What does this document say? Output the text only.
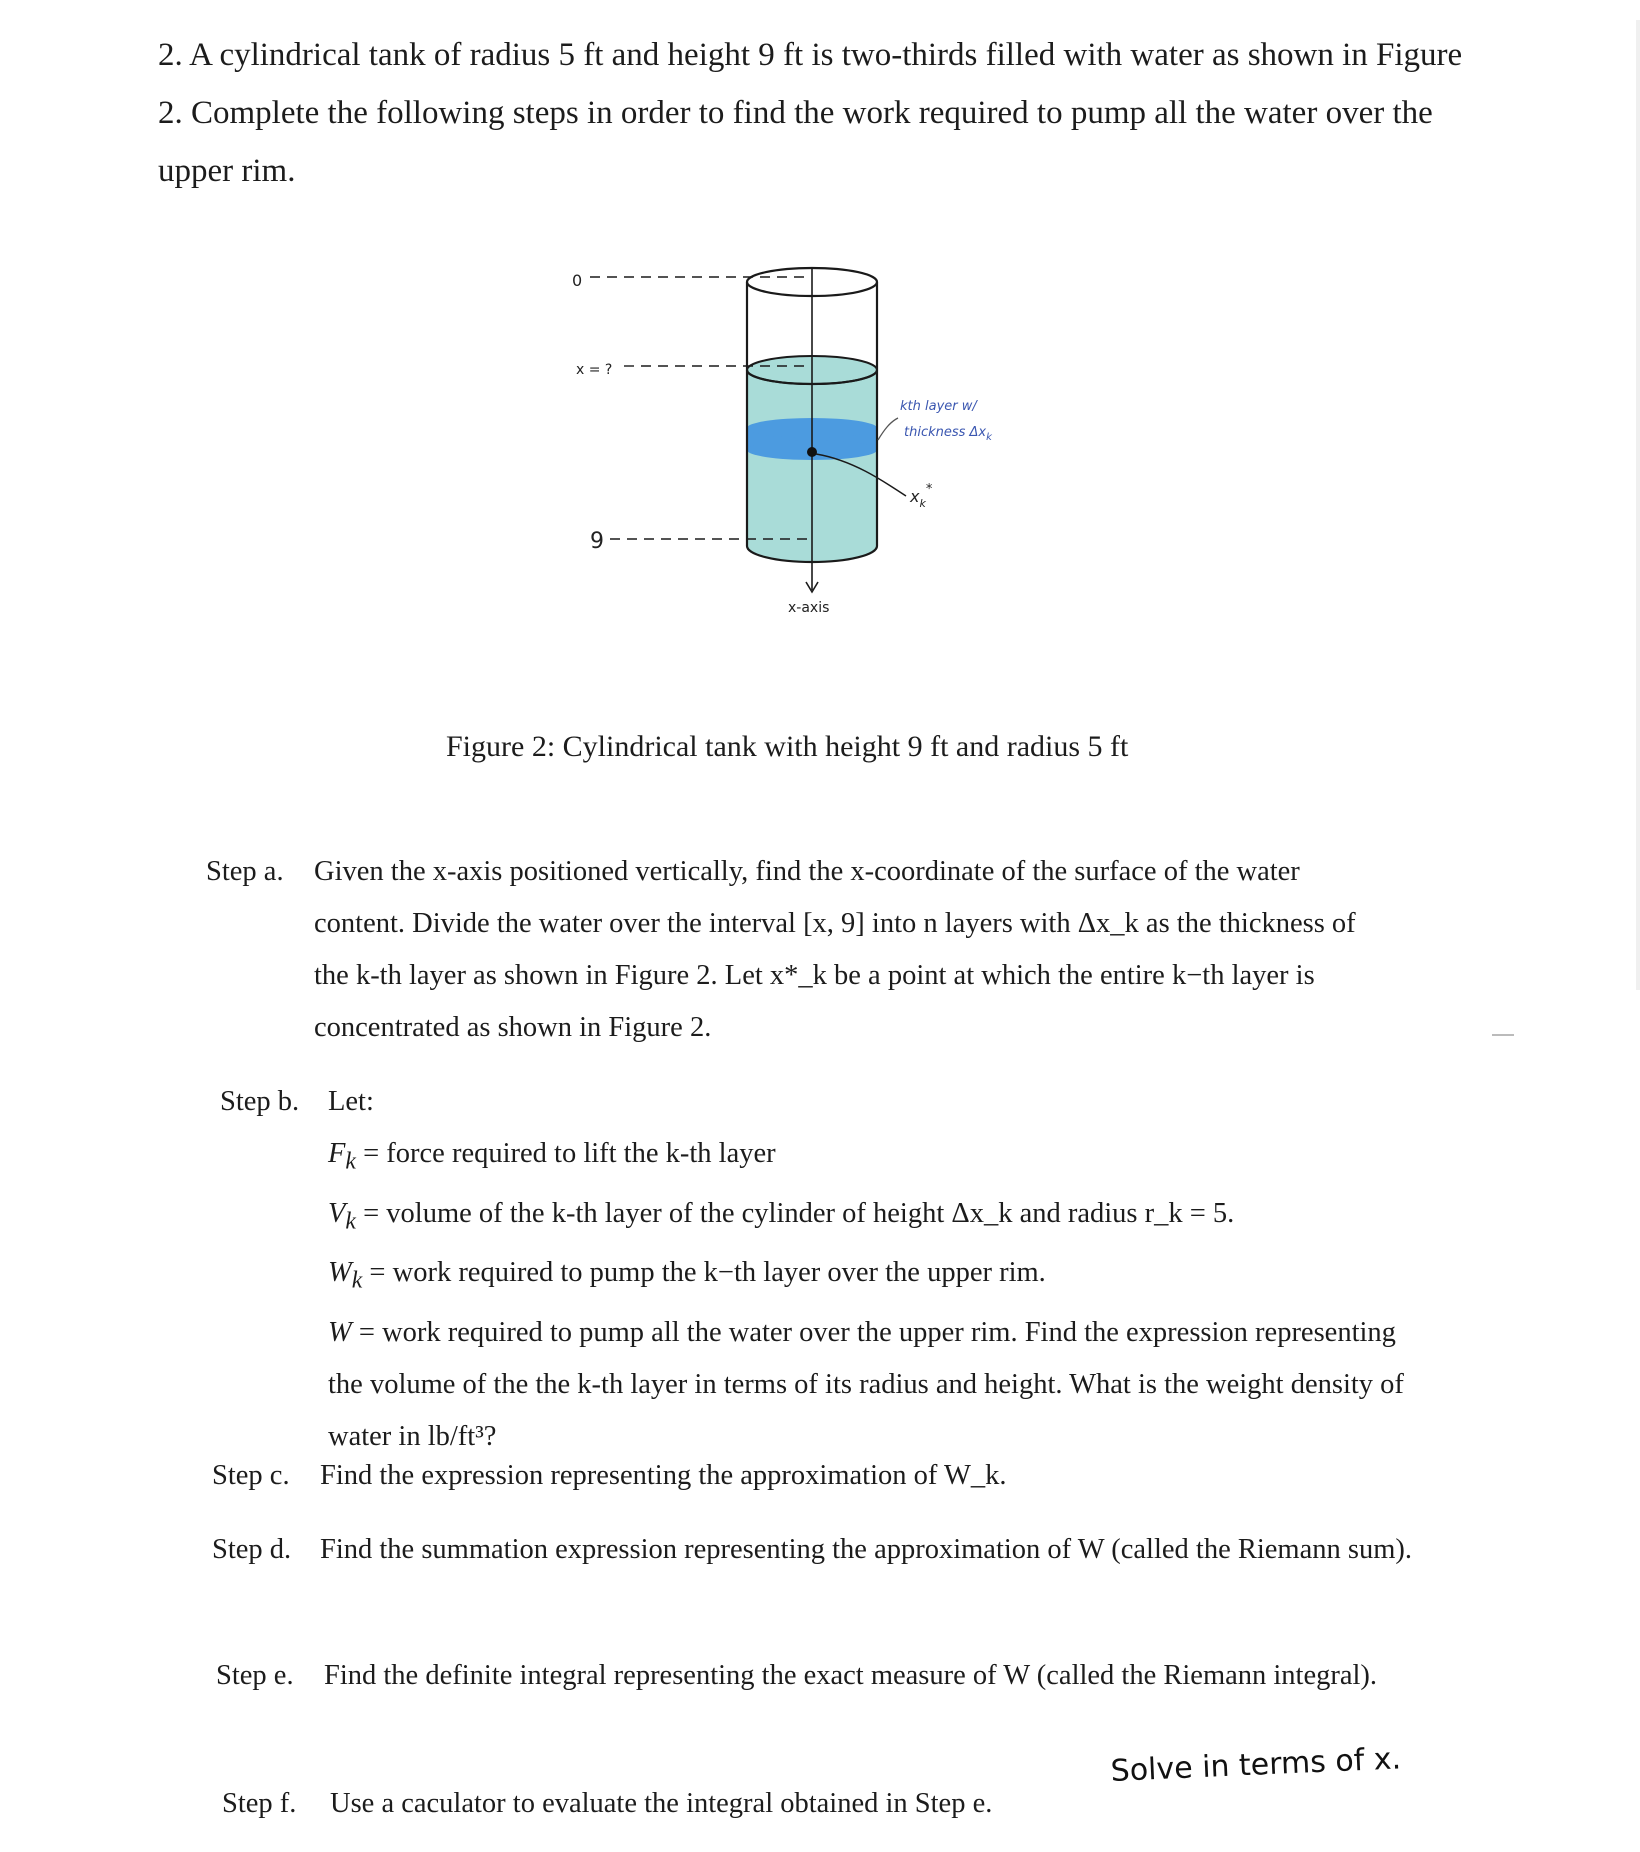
2. A cylindrical tank of radius 5 ft and height 9 ft is two-thirds filled with water as shown in Figure 2. Complete the following steps in order to find the work required to pump all the water over the upper rim.

0
x = ?
9
x-axis
kth layer w/
thickness $\Delta x_k$
$x_k^*$

Figure 2: Cylindrical tank with height 9 ft and radius 5 ft

Step a. Given the x-axis positioned vertically, find the x-coordinate of the surface of the water content. Divide the water over the interval [x, 9] into n layers with Δx_k as the thickness of the k-th layer as shown in Figure 2. Let x*_k be a point at which the entire k−th layer is concentrated as shown in Figure 2.
Step b. Let:
$F_k$ = force required to lift the k-th layer
$V_k$ = volume of the k-th layer of the cylinder of height Δx_k and radius r_k = 5.
$W_k$ = work required to pump the k−th layer over the upper rim.
W = work required to pump all the water over the upper rim. Find the expression representing the volume of the the k-th layer in terms of its radius and height. What is the weight density of water in lb/ft³?
Step c. Find the expression representing the approximation of W_k.
Step d. Find the summation expression representing the approximation of W (called the Riemann sum).
Step e. Find the definite integral representing the exact measure of W (called the Riemann integral).
Step f. Use a caculator to evaluate the integral obtained in Step e.
Solve in terms of x.
